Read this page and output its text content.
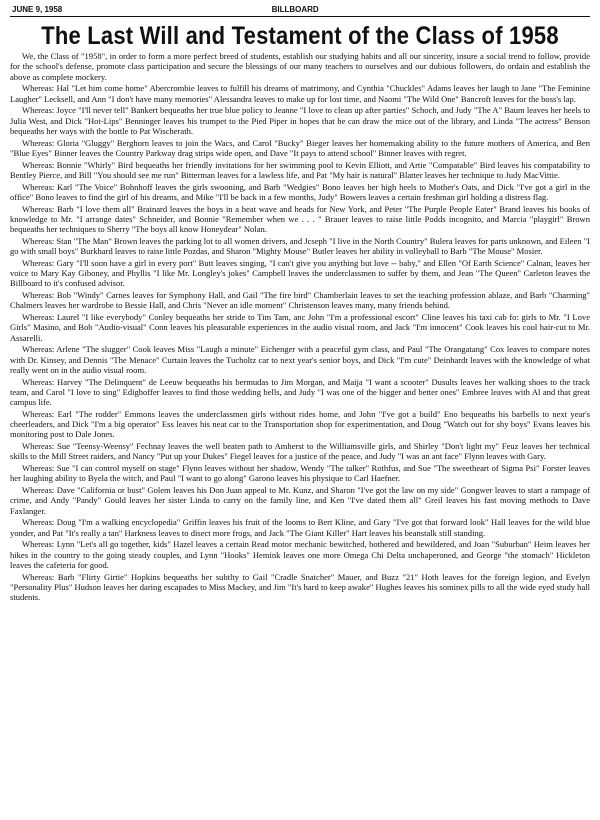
JUNE 9, 1958	BILLBOARD
The Last Will and Testament of the Class of 1958

We, the Class of "1958", in order to form a more perfect breed of students, establish our studying habits and all our sincerity, insure a social trend to follow, provide for the school's defense, promote class participation and secure the blessings of our many teachers to ourselves and our dubious followers, do ordain and establish the above as complete mockery.

Whereas: Hal "Let him come home" Abercrombie leaves to fulfill his dreams of matrimony, and Cynthia "Chuckles" Adams leaves her laugh to Jane "The Feminine Laugher" Lecksell, and Ann "I don't have many memories" Alessandra leaves to make up for lost time, and Naomi "The Wild One" Bancroft leaves for the boss's lap.

Whereas: Joyce "I'll never tell" Bankert bequeaths her true blue policy to Jeanne "I love to clean up after parties" Schoch, and Judy "The A" Baum leaves her heels to Julia West, and Dick "Hot-Lips" Benninger leaves his trumpet to the Pied Piper in hopes that he can draw the mice out of the library, and Linda "The actress" Benson bequeaths her ways with the bottle to Pat Wischerath.

Whereas: Gloria "Gluggy" Berghorn leaves to join the Wacs, and Carol "Bucky" Bieger leaves her homemaking ability to the future mothers of America, and Ben "Blue Eyes" Binner leaves the Country Parkway drag strips wide open, and Dave "It pays to attend school" Binner leaves with regret.

Whereas: Bonnie "Whirly" Bird bequeaths her friendly invitations for her swimming pool to Kevin Elliott, and Artie "Compatable" Bird leaves his compatability to Bentley Pierce, and Bill "You should see me run" Bitterman leaves for a lawless life, and Pat "My hair is natural" Blatter leaves her technique to Judy MacVittie.

Whereas: Karl "The Voice" Bohnhoff leaves the girls swooning, and Barb "Wedgies" Bono leaves her high heels to Mother's Oats, and Dick "I've got a girl in the office" Bono leaves to find the girl of his dreams, and Mike "I'll be back in a few months, Judy" Bowers leaves a certain freshman girl holding a distress flag.

Whereas: Barb "I love them all" Brainard leaves the boys in a heat wave and heads for New York, and Peter "The Purple People Eater" Brand leaves his books of knowledge to Mr. "I arrange dates" Schneider, and Bonnie "Remember when we . . . " Brauer leaves to raise little Podds incognito, and Marcia "playgirl" Brown bequeaths her techniques to Sherry "The boys all know Honeydear" Nolan.

Whereas: Stan "The Man" Brown leaves the parking lot to all women drivers, and Jcseph "I live in the North Country" Bulera leaves for parts unknown, and Eileen "I go with small boys" Burkhard leaves to raise little Pozdas, and Sharon "Mighty Mouse" Butler leaves her ability in volleyball to Barb "The Mouse" Mosier.

Whereas: Gary "I'll soon have a girl in every port" Butt leaves singing, "I can't give you anything but love -- baby," and Ellen "Of Earth Science" Calnan, leaves her voice to Mary Kay Giboney, and Phyllis "I like Mr. Longley's jokes" Campbell leaves the underclassmen to suffer by them, and Jean "The Queen" Carleton leaves the Billboard to it's confused advisor.

Whereas: Bob "Windy" Carnes leaves for Symphony Hall, and Gail "The fire bird" Chamberlain leaves to set the teaching profession ablaze, and Barb "Charming" Chalmers leaves her wardrobe to Bessie Hall, and Chris "Never an idle moment" Christenson leaves many, many friends behind.

Whereas: Laurel "I like everybody" Conley bequeaths her stride to Tim Tam, anc John "I'm a professional escort" Cline leaves his taxi cab fo: girls to Mr. "I Love Girls" Masino, and Bob "Audio-visual" Conn leaves his pleasurable experiences in the audio visual room, and Jack "I'm innocent" Cook leaves his cool hair-cut to Mr. Assarelli.

Whereas: Arlene "The slugger" Cook leaves Miss "Laugh a minute" Eichenger with a peaceful gym class, and Paul "The Orangatang" Cox leaves to compare notes with Dr. Kinsey, and Dennis "The Menace" Curtain leaves the Tucholtz car to next year's senior boys, and Dick "I'm cute" Deinhardt leaves with the knowledge of what really went on in the audio visual room.

Whereas: Harvey "The Delinquent" de Leeuw bequeaths his bermudas to Jim Morgan, and Maija "I want a scooter" Dusults leaves her walking shoes to the track team, and Carol "I love to sing" Edighoffer leaves to find those wedding bells, and Judy "I was one of the bigger and better ones" Embree leaves with Al and that great campus life.

Whereas: Earl "The rodder" Emmons leaves the underclassmen girls without rides home, and John "I've got a build" Eno bequeaths his barbells to next year's cheerleaders, and Dick "I'm a big operator" Ess leaves his neat car to the Transportation shop for experimentation, and Doug "Watch out for shy boys" Evans leaves his monitoring post to Dale Jones.

Whereas: Sue "Teensy-Weensy" Fechnay leaves the well beaten path to Amherst to the Williamsville girls, and Shirley "Don't light my" Feuz leaves her technical skills to the Mill Street raiders, and Nancy "Put up your Dukes" Fiegel leaves for a justice of the peace, and Judy "I was an ant face" Flynn leaves with Gary.

Whereas: Sue "I can control myself on stage" Flynn leaves without her shadow, Wendy "The talker" Rothfus, and Sue "The sweetheart of Sigma Psi" Forster leaves her laughing ability to Byela the witch, and Paul "I want to go along" Garono leaves his physique to Carl Haefner.

Whereas: Dave "California or bust" Golem leaves his Don Juan appeal to Mr. Kunz, and Sharon "I've got the law on my side" Gongwer leaves to start a rampage of crime, and Andy "Pandy" Gould leaves her sister Linda to carry on the family line, and Ken "I've dated them all" Greil leaves his fast moving methods to Dave Faxlanger.

Whereas: Doug "I'm a walking encyclopedia" Griffin leaves his fruit of the looms to Bert Kline, and Gary "I've got that forward look" Hall leaves for the wild blue yonder, and Pat "It's really a tan" Harkness leaves to disect more frogs, and Jack "The Giant Killer" Hart leaves his beanstalk still standing.

Whereas: Lynn "Let's all go together, kids" Hazel leaves a certain Read motor mechanic bewitched, bothered and bewildered, and Joan "Suburban" Heim leaves her hikes in the country to the going steady couples, and Lynn "Hooks" Hemink leaves one more Omega Chi Delta unchaperoned, and George "the stomach" Hickleton leaves the cafeteria for good.

Whereas: Barb "Flirty Girtie" Hopkins bequeaths her subtlty to Gail "Cradle Snatcher" Mauer, and Buzz "21" Hoth leaves for the foreign legion, and Evelyn "Personality Plus" Hudson leaves her daring escapades to Miss Mackey, and Jim "It's hard to keep awake" Hughes leaves his sominex pills to all the wide eyed study hall students.
